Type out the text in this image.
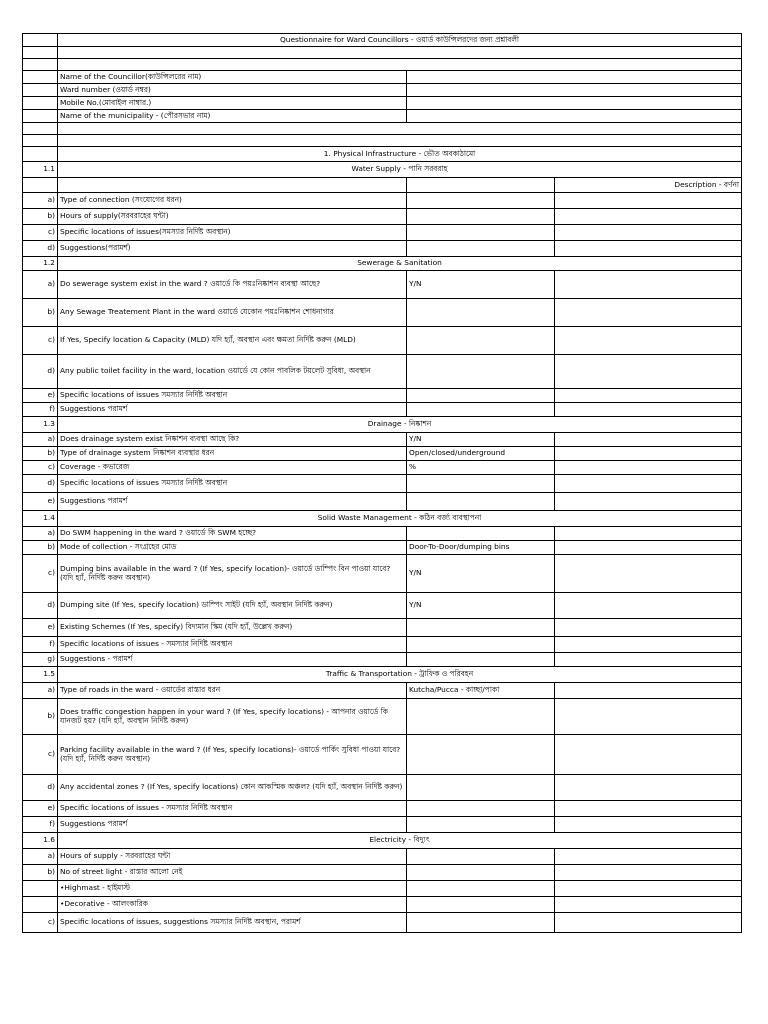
	Questionnaire for Ward Councillors - ওয়ার্ড কাউন্সিলরদের জন্য প্রশ্নাবলী		

	Name of the Councillor(কাউন্সিলরের নাম)		
	Ward number (ওয়ার্ড নম্বর)		
	Mobile No.(মোবাইল নাম্বার.)		
	Name of the municipality - (পৌরসভার নাম)		

	1. Physical Infrastructure - ভৌত অবকাঠামো		
1.1	Water Supply - পানি সরবরাহ		
			Description - বর্ণনা
a)	Type of connection (সংযোগের ধরন)		
b)	Hours of supply(সরবরাহের ঘন্টা)		
c)	Specific locations of issues(সমস্যার নির্দিষ্ট অবস্থান)		
d)	Suggestions(পরামর্শ)		
1.2	Sewerage & Sanitation		
a)	Do sewerage system exist in the ward ? ওয়ার্ডে কি পয়ঃনিষ্কাশন ব্যবস্থা আছে?	Y/N	
b)	Any Sewage Treatement Plant in the ward ওয়ার্ডে যেকোন পয়ঃনিষ্কাশন শোধনাগার		
c)	If Yes, Specify location & Capacity (MLD) যদি হ্যাঁ, অবস্থান এবং ক্ষমতা নির্দিষ্ট করুন (MLD)		
d)	Any public toilet facility in the ward, location ওয়ার্ডে যে কোন পাবলিক টয়লেট সুবিধা, অবস্থান		
e)	Specific locations of issues সমস্যার নির্দিষ্ট অবস্থান		
f)	Suggestions পরামর্শ		
1.3	Drainage - নিষ্কাশন		
a)	Does drainage system exist নিষ্কাশন ব্যবস্থা আছে কি?	Y/N	
b)	Type of drainage system নিষ্কাশন ব্যবস্থার ধরন	Open/closed/underground	
c)	Coverage - কভারেজ	%	
d)	Specific locations of issues সমস্যার নির্দিষ্ট অবস্থান		
e)	Suggestions পরামর্শ		
1.4	Solid Waste Management - কঠিন বর্জ্য ব্যবস্থাপনা		
a)	Do SWM happening in the ward ? ওয়ার্ডে কি SWM হচ্ছে?		
b)	Mode of collection - সংগ্রহের মোড	Door-To-Door/dumping bins	
c)	Dumping bins available in the ward ? (If Yes, specify location)- ওয়ার্ডে ডাম্পিং বিন পাওয়া যাবে? (যদি হ্যাঁ, নির্দিষ্ট করুন অবস্থান)	Y/N	
d)	Dumping site (If Yes, specify location) ডাম্পিং সাইট (যদি হ্যাঁ, অবস্থান নির্দিষ্ট করুন)	Y/N	
e)	Existing Schemes (If Yes, specify) বিদ্যমান স্কিম (যদি হ্যাঁ, উল্লেখ করুন)		
f)	Specific locations of issues - সমস্যার নির্দিষ্ট অবস্থান		
g)	Suggestions - পরামর্শ		
1.5	Traffic & Transportation - ট্রাফিক ও পরিবহন		
a)	Type of roads in the ward - ওয়ার্ডের রাস্তার ধরন	Kutcha/Pucca - কাচ্ছা/পাকা	
b)	Does traffic congestion happen in your ward ? (If Yes, specify locations) - আপনার ওয়ার্ডে কি যানজট হয়? (যদি হ্যাঁ, অবস্থান নির্দিষ্ট করুন)		
c)	Parking facility available in the ward ? (If Yes, specify locations)- ওয়ার্ডে পার্কিং সুবিধা পাওয়া যাবে? (যদি হ্যাঁ, নির্দিষ্ট করুন অবস্থান)		
d)	Any accidental zones ? (If Yes, specify locations) কোন আকস্মিক অঞ্চল? (যদি হ্যাঁ, অবস্থান নির্দিষ্ট করুন)		
e)	Specific locations of issues - সমস্যার নির্দিষ্ট অবস্থান		
f)	Suggestions পরামর্শ		
1.6	Electricity - বিদ্যুৎ		
a)	Hours of supply - সরবরাহের ঘন্টা		
b)	No of street light - রাস্তার আলো নেই		
	•Highmast - হাইমাস্ট		
	•Decorative - আলংকারিক		
c)	Specific locations of issues, suggestions সমস্যার নির্দিষ্ট অবস্থান, পরামর্শ		
